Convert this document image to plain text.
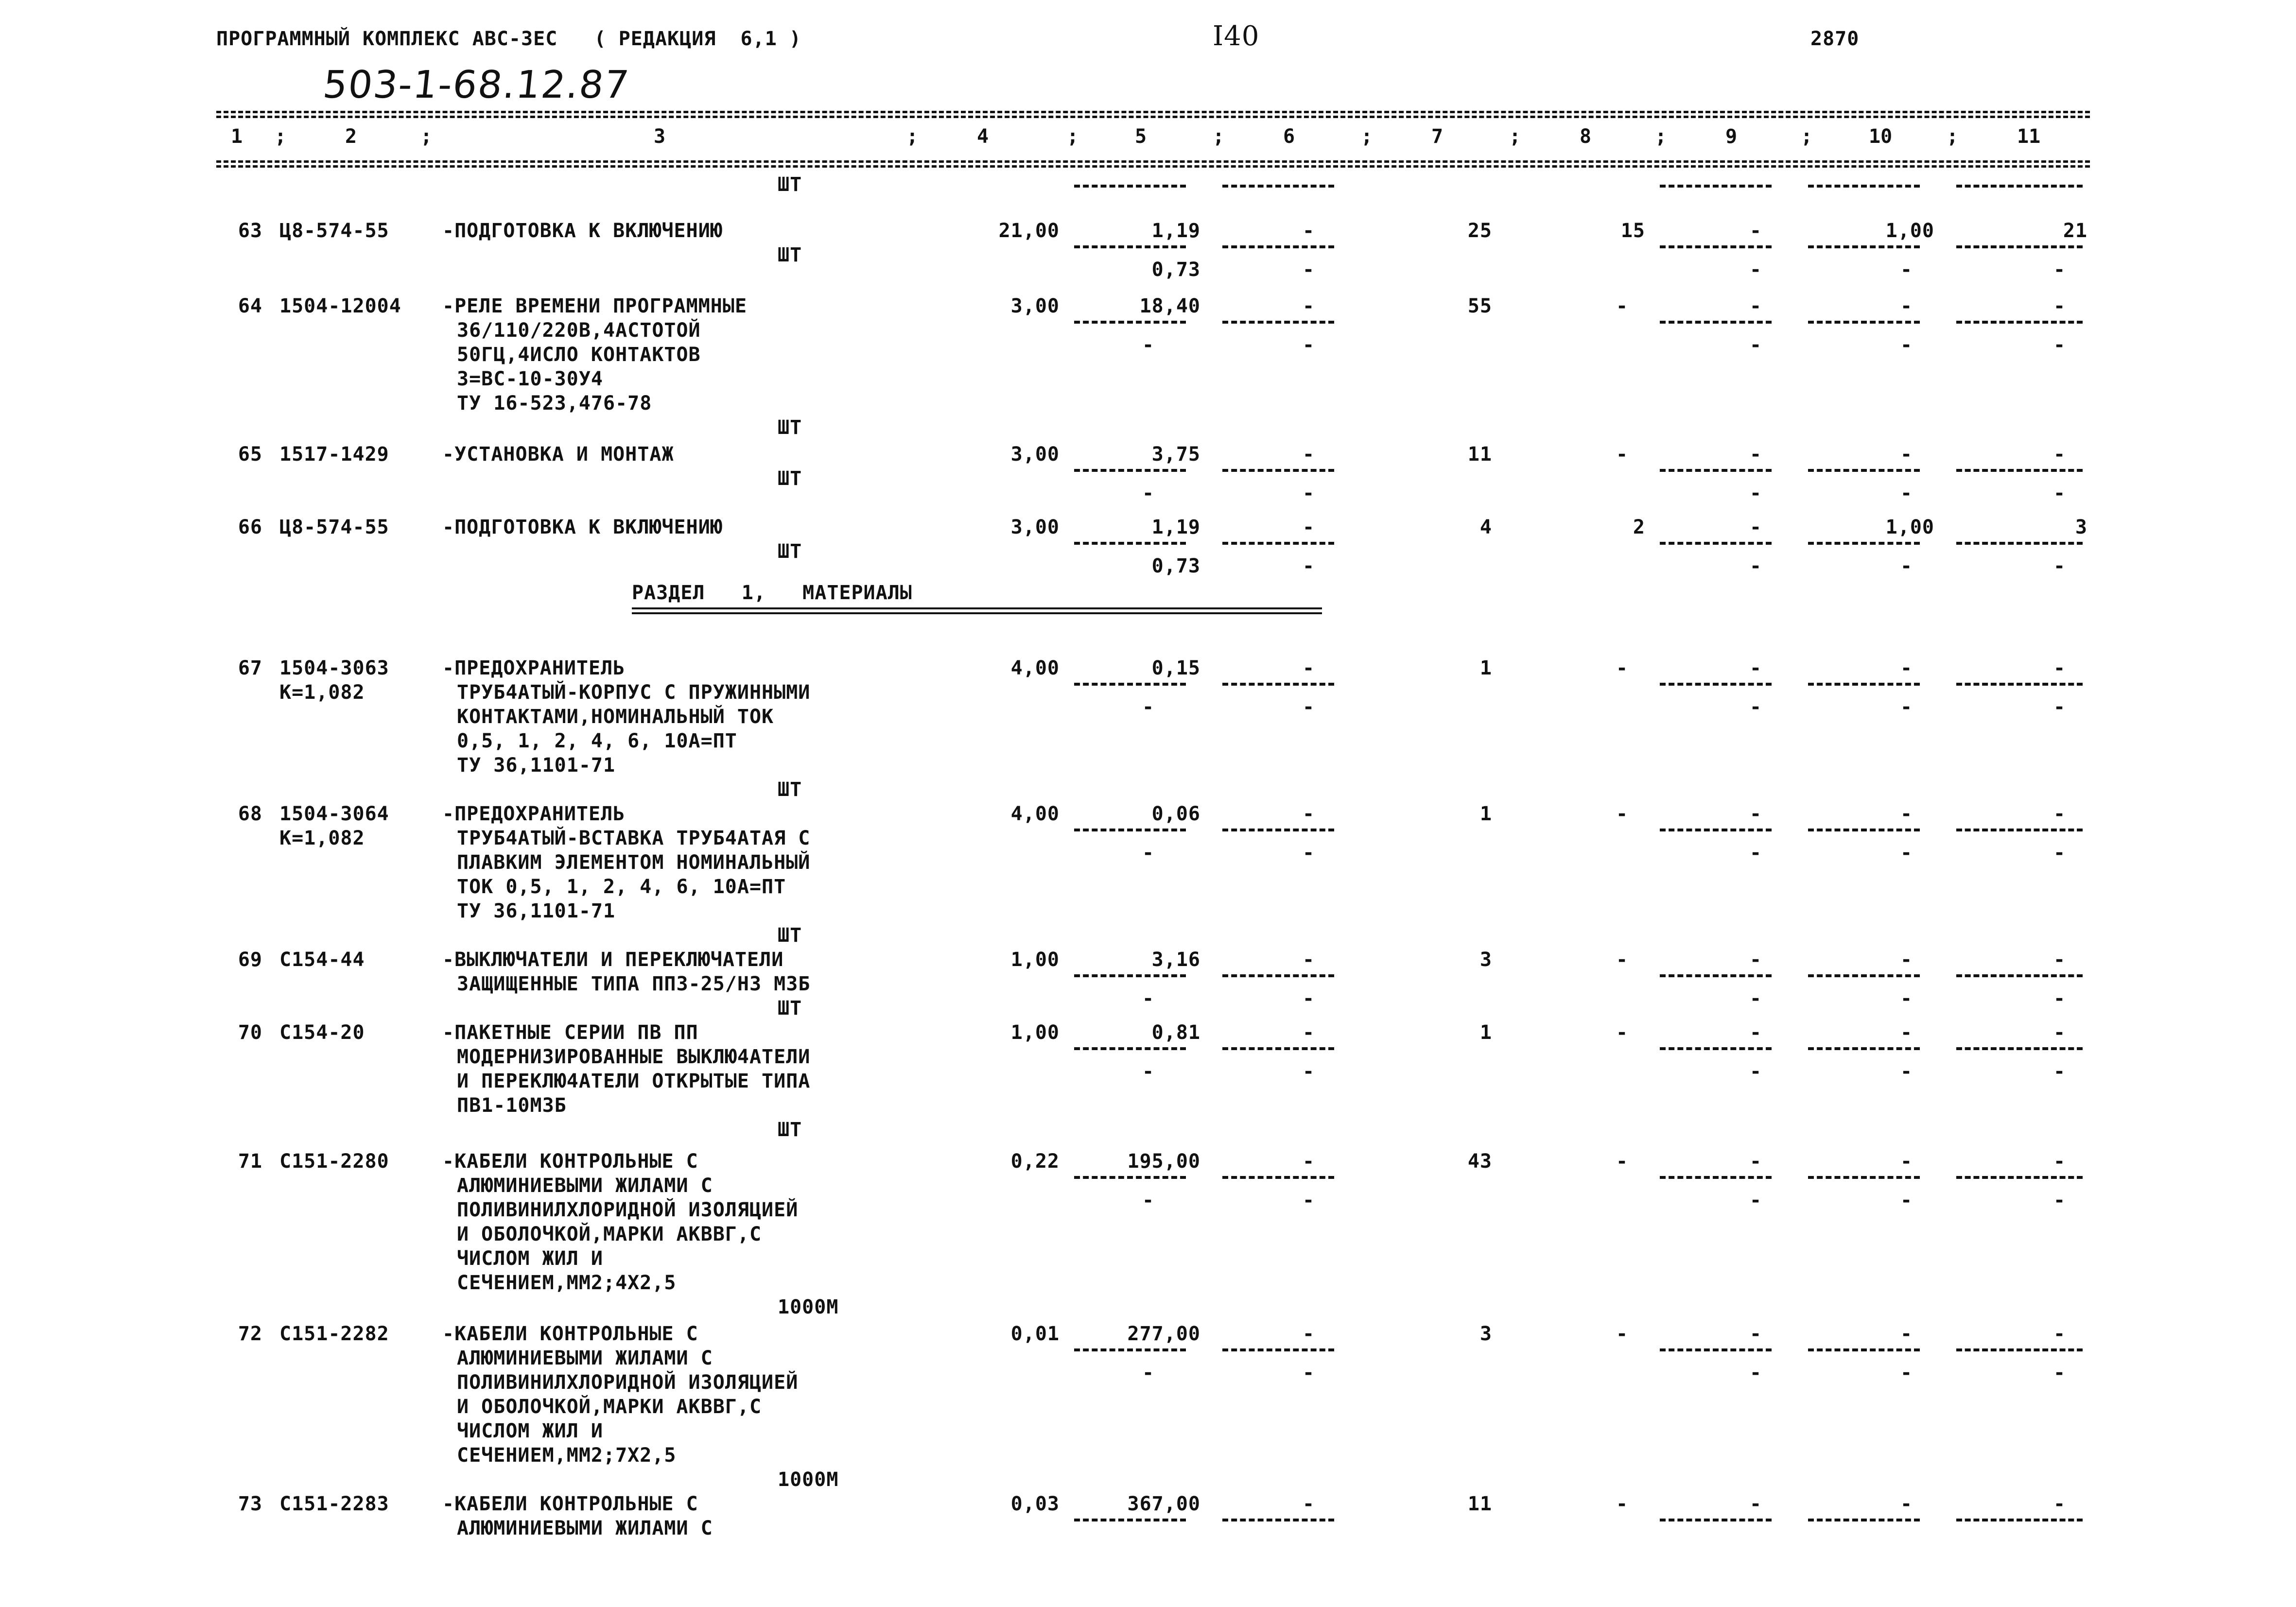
ПРОГРАММНЫЙ КОМПЛЕКС АВС-3ЕС   ( РЕДАКЦИЯ  6,1 )	I40	2870
503-1-68.12.87
1 ;	2	;	3	;	4	;	5	;	6	;	7	;	8	;	9	;	10	;	11
ШТ
63 Ц8-574-55	-ПОДГОТОВКА К ВКЛЮЧЕНИЮ
ШТ
21,00	1,19	-	25	15	-	1,00	21
0,73	-	-	-	-
64 1504-12004 -РЕЛЕ ВРЕМЕНИ ПРОГРАММНЫЕ
36/110/220В,4АСТОТОЙ
50ГЦ,4ИСЛО КОНТАКТОВ
3=ВС-10-30У4
ТУ 16-523,476-78
ШТ
3,00	18,40	-	55	-	-	-	-
-	-	-	-	-
65 1517-1429	-УСТАНОВКА И МОНТАЖ
ШТ
3,00	3,75	-	11	-	-	-	-
-	-	-	-	-
66 Ц8-574-55	-ПОДГОТОВКА К ВКЛЮЧЕНИЮ
ШТ
3,00	1,19	-	4	2	-	1,00	3
0,73	-	-	-	-
РАЗДЕЛ   1,   МАТЕРИАЛЫ
67 1504-3063
К=1,082
-ПРЕДОХРАНИТЕЛЬ
ТРУБ4АТЫЙ-КОРПУС С ПРУЖИННЫМИ
КОНТАКТАМИ,НОМИНАЛЬНЫЙ ТОК
0,5, 1, 2, 4, 6, 10А=ПТ
ТУ 36,1101-71
ШТ
4,00	0,15	-	1	-	-	-	-
-	-	-	-	-
68 1504-3064
К=1,082
-ПРЕДОХРАНИТЕЛЬ
ТРУБ4АТЫЙ-ВСТАВКА ТРУБ4АТАЯ С
ПЛАВКИМ ЭЛЕМЕНТОМ НОМИНАЛЬНЫЙ
ТОК 0,5, 1, 2, 4, 6, 10А=ПТ
ТУ 36,1101-71
ШТ
4,00	0,06	-	1	-	-	-	-
-	-	-	-	-
69 С154-44	-ВЫКЛЮЧАТЕЛИ И ПЕРЕКЛЮЧАТЕЛИ
ЗАЩИЩЕННЫЕ ТИПА ПП3-25/Н3 М3Б
ШТ
1,00	3,16	-	3	-	-	-	-
-	-	-	-	-
70 С154-20	-ПАКЕТНЫЕ СЕРИИ ПВ ПП
МОДЕРНИЗИРОВАННЫЕ ВЫКЛЮ4АТЕЛИ
И ПЕРЕКЛЮ4АТЕЛИ ОТКРЫТЫЕ ТИПА
ПВ1-10М3Б
ШТ
1,00	0,81	-	1	-	-	-	-
-	-	-	-	-
71 С151-2280	-КАБЕЛИ КОНТРОЛЬНЫЕ С
АЛЮМИНИЕВЫМИ ЖИЛАМИ С
ПОЛИВИНИЛХЛОРИДНОЙ ИЗОЛЯЦИЕЙ
И ОБОЛОЧКОЙ,МАРКИ АКВВГ,С
ЧИСЛОМ ЖИЛ И
СЕЧЕНИЕМ,ММ2;4Х2,5
1000М
0,22	195,00	-	43	-	-	-	-
-	-	-	-	-
72 С151-2282	-КАБЕЛИ КОНТРОЛЬНЫЕ С
АЛЮМИНИЕВЫМИ ЖИЛАМИ С
ПОЛИВИНИЛХЛОРИДНОЙ ИЗОЛЯЦИЕЙ
И ОБОЛОЧКОЙ,МАРКИ АКВВГ,С
ЧИСЛОМ ЖИЛ И
СЕЧЕНИЕМ,ММ2;7Х2,5
1000М
0,01	277,00	-	3	-	-	-	-
-	-	-	-	-
73 С151-2283	-КАБЕЛИ КОНТРОЛЬНЫЕ С
АЛЮМИНИЕВЫМИ ЖИЛАМИ С
0,03	367,00	-	11	-	-	-	-
